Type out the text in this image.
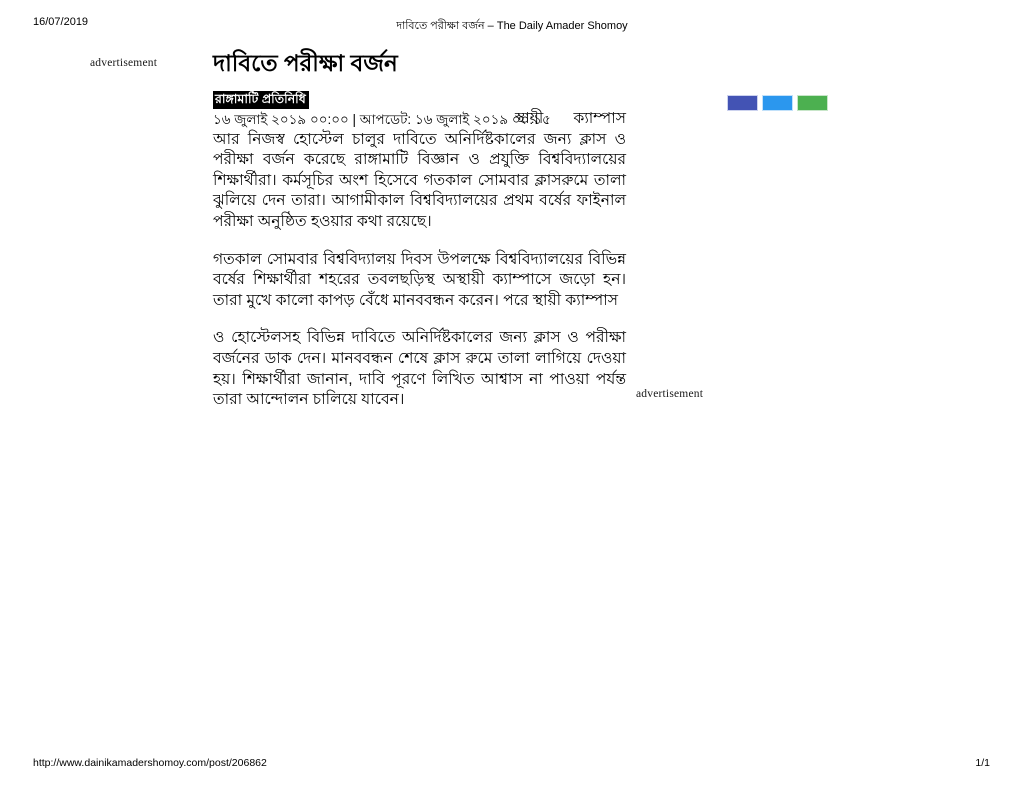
16/07/2019	দাবিতে পরীক্ষা বর্জন – The Daily Amader Shomoy
advertisement
advertisement
দাবিতে পরীক্ষা বর্জন
রাঙ্গামাটি প্রতিনিধি
১৬ জুলাই ২০১৯ ০০:০০ | আপডেট: ১৬ জুলাই ২০১৯ ০০:১৫

স্থায়ী ক্যাম্পাস আর নিজস্ব হোস্টেল চালুর দাবিতে অনির্দিষ্টকালের জন্য ক্লাস ও পরীক্ষা বর্জন করেছে রাঙ্গামাটি বিজ্ঞান ও প্রযুক্তি বিশ্ববিদ্যালয়ের শিক্ষার্থীরা। কর্মসূচির অংশ হিসেবে গতকাল সোমবার ক্লাসরুমে তালা ঝুলিয়ে দেন তারা। আগামীকাল বিশ্ববিদ্যালয়ের প্রথম বর্ষের ফাইনাল পরীক্ষা অনুষ্ঠিত হওয়ার কথা রয়েছে।

গতকাল সোমবার বিশ্ববিদ্যালয় দিবস উপলক্ষে বিশ্ববিদ্যালয়ের বিভিন্ন বর্ষের শিক্ষার্থীরা শহরের তবলছড়িস্থ অস্থায়ী ক্যাম্পাসে জড়ো হন। তারা মুখে কালো কাপড় বেঁধে মানববন্ধন করেন। পরে স্থায়ী ক্যাম্পাস

ও হোস্টেলসহ বিভিন্ন দাবিতে অনির্দিষ্টকালের জন্য ক্লাস ও পরীক্ষা বর্জনের ডাক দেন। মানববন্ধন শেষে ক্লাস রুমে তালা লাগিয়ে দেওয়া হয়। শিক্ষার্থীরা জানান, দাবি পূরণে লিখিত আশ্বাস না পাওয়া পর্যন্ত তারা আন্দোলন চালিয়ে যাবেন।

http://www.dainikamadershomoy.com/post/206862	1/1
